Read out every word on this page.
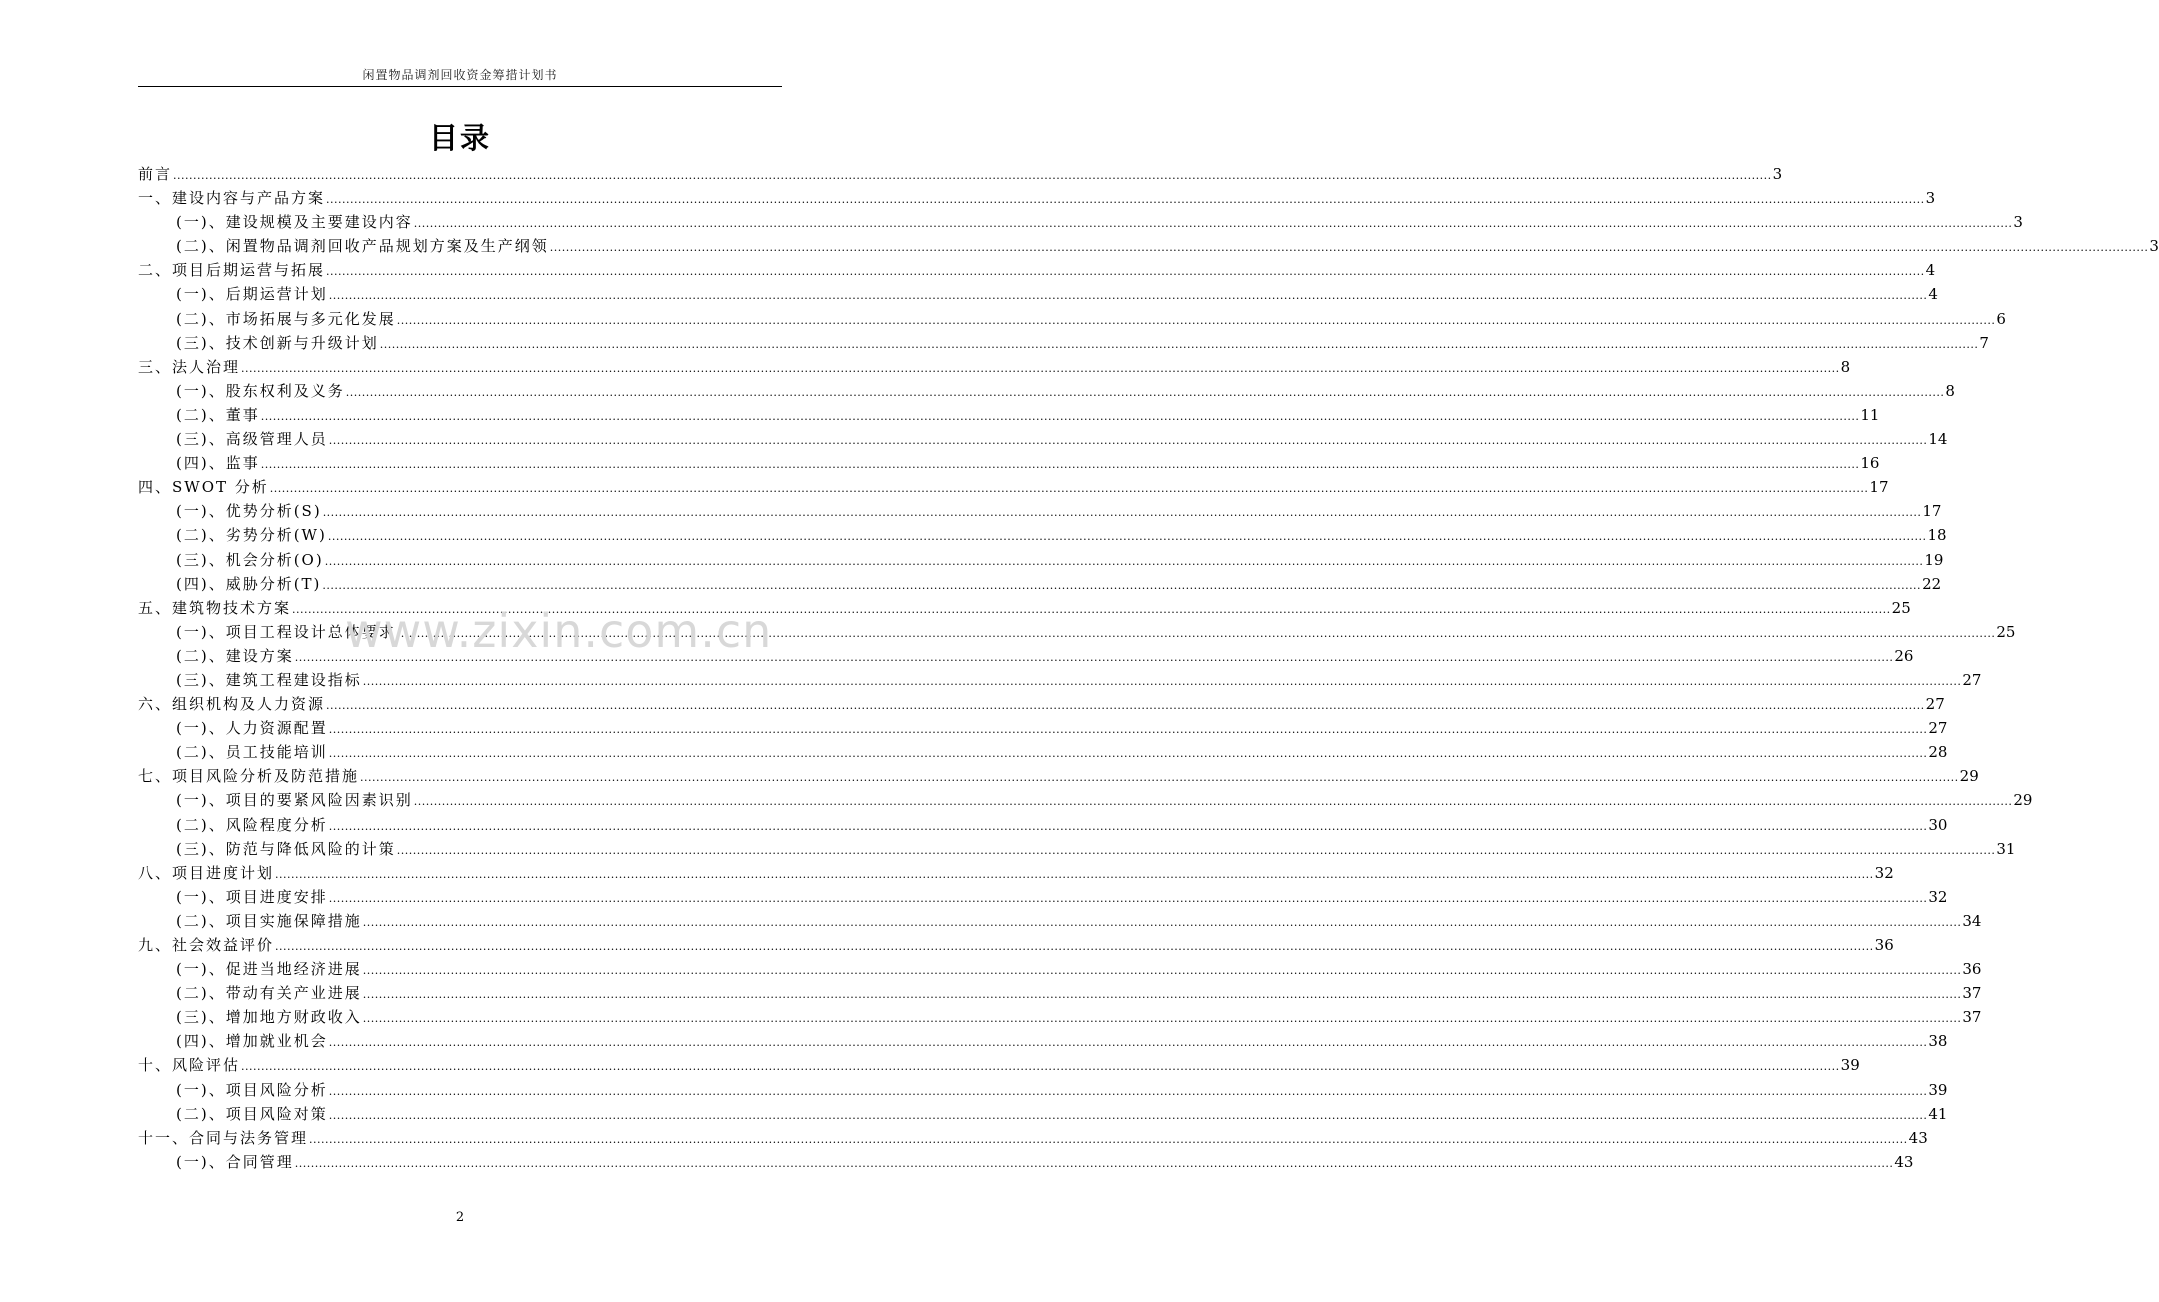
闲置物品调剂回收资金筹措计划书
目录
前言 ................................................................................................................................................................................................................................................................................................................................................................................................................ 3
一、建设内容与产品方案 ................................................................................................................................................................................................................................................................................................................................................................................................................ 3
(一)、建设规模及主要建设内容 ................................................................................................................................................................................................................................................................................................................................................................................................................ 3
(二)、闲置物品调剂回收产品规划方案及生产纲领 ................................................................................................................................................................................................................................................................................................................................................................................................................ 3
二、项目后期运营与拓展 ................................................................................................................................................................................................................................................................................................................................................................................................................ 4
(一)、后期运营计划 ................................................................................................................................................................................................................................................................................................................................................................................................................ 4
(二)、市场拓展与多元化发展 ................................................................................................................................................................................................................................................................................................................................................................................................................ 6
(三)、技术创新与升级计划 ................................................................................................................................................................................................................................................................................................................................................................................................................ 7
三、法人治理 ................................................................................................................................................................................................................................................................................................................................................................................................................ 8
(一)、股东权利及义务 ................................................................................................................................................................................................................................................................................................................................................................................................................ 8
(二)、董事 ................................................................................................................................................................................................................................................................................................................................................................................................................ 11
(三)、高级管理人员 ................................................................................................................................................................................................................................................................................................................................................................................................................ 14
(四)、监事 ................................................................................................................................................................................................................................................................................................................................................................................................................ 16
四、SWOT 分析 ................................................................................................................................................................................................................................................................................................................................................................................................................ 17
(一)、优势分析(S) ................................................................................................................................................................................................................................................................................................................................................................................................................ 17
(二)、劣势分析(W) ................................................................................................................................................................................................................................................................................................................................................................................................................ 18
(三)、机会分析(O) ................................................................................................................................................................................................................................................................................................................................................................................................................ 19
(四)、威胁分析(T) ................................................................................................................................................................................................................................................................................................................................................................................................................ 22
五、建筑物技术方案 ................................................................................................................................................................................................................................................................................................................................................................................................................ 25
(一)、项目工程设计总体要求 ................................................................................................................................................................................................................................................................................................................................................................................................................ 25
(二)、建设方案 ................................................................................................................................................................................................................................................................................................................................................................................................................ 26
(三)、建筑工程建设指标 ................................................................................................................................................................................................................................................................................................................................................................................................................ 27
六、组织机构及人力资源 ................................................................................................................................................................................................................................................................................................................................................................................................................ 27
(一)、人力资源配置 ................................................................................................................................................................................................................................................................................................................................................................................................................ 27
(二)、员工技能培训 ................................................................................................................................................................................................................................................................................................................................................................................................................ 28
七、项目风险分析及防范措施 ................................................................................................................................................................................................................................................................................................................................................................................................................ 29
(一)、项目的要紧风险因素识别 ................................................................................................................................................................................................................................................................................................................................................................................................................ 29
(二)、风险程度分析 ................................................................................................................................................................................................................................................................................................................................................................................................................ 30
(三)、防范与降低风险的计策 ................................................................................................................................................................................................................................................................................................................................................................................................................ 31
八、项目进度计划 ................................................................................................................................................................................................................................................................................................................................................................................................................ 32
(一)、项目进度安排 ................................................................................................................................................................................................................................................................................................................................................................................................................ 32
(二)、项目实施保障措施 ................................................................................................................................................................................................................................................................................................................................................................................................................ 34
九、社会效益评价 ................................................................................................................................................................................................................................................................................................................................................................................................................ 36
(一)、促进当地经济进展 ................................................................................................................................................................................................................................................................................................................................................................................................................ 36
(二)、带动有关产业进展 ................................................................................................................................................................................................................................................................................................................................................................................................................ 37
(三)、增加地方财政收入 ................................................................................................................................................................................................................................................................................................................................................................................................................ 37
(四)、增加就业机会 ................................................................................................................................................................................................................................................................................................................................................................................................................ 38
十、风险评估 ................................................................................................................................................................................................................................................................................................................................................................................................................ 39
(一)、项目风险分析 ................................................................................................................................................................................................................................................................................................................................................................................................................ 39
(二)、项目风险对策 ................................................................................................................................................................................................................................................................................................................................................................................................................ 41
十一、合同与法务管理 ................................................................................................................................................................................................................................................................................................................................................................................................................ 43
(一)、合同管理 ................................................................................................................................................................................................................................................................................................................................................................................................................ 43
www.zixin.com.cn
2
